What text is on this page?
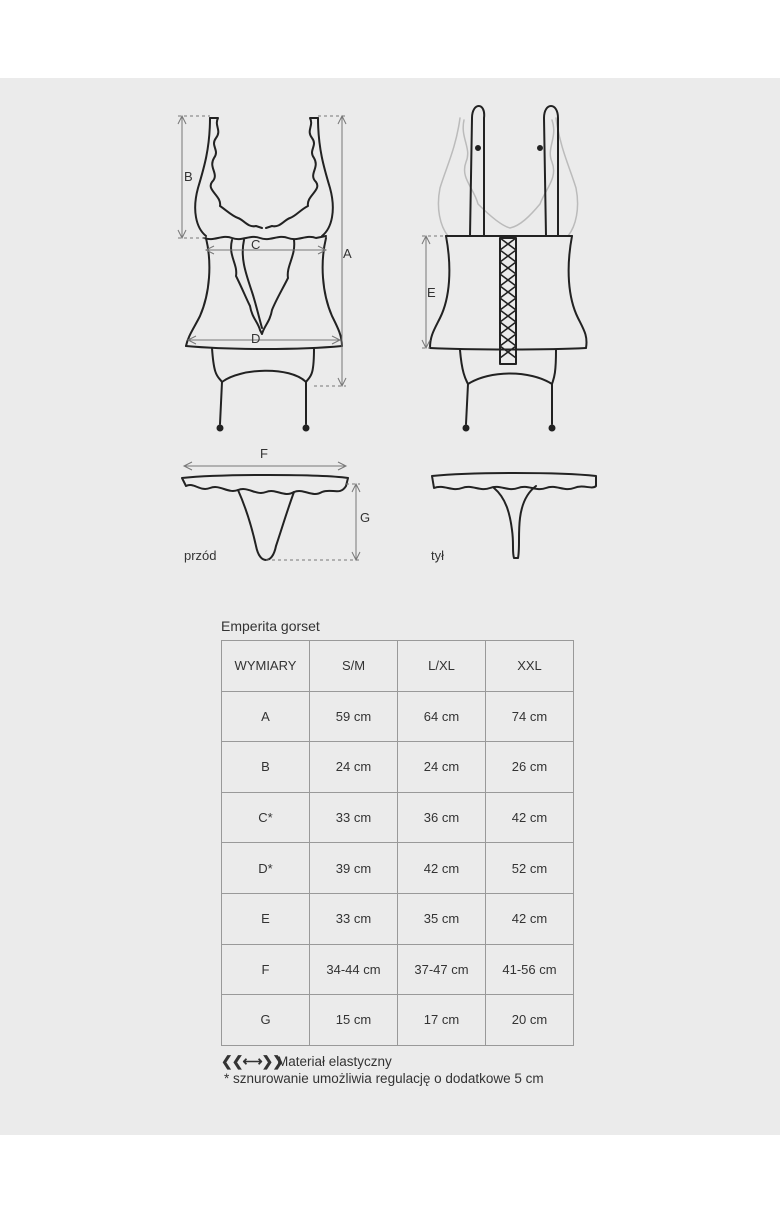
B
A
C
D
E
F
G
przód	tył
Emperita gorset
WYMIARY	S/M	L/XL	XXL
A	59 cm	64 cm	74 cm
B	24 cm	24 cm	26 cm
C*	33 cm	36 cm	42 cm
D*	39 cm	42 cm	52 cm
E	33 cm	35 cm	42 cm
F	34-44 cm	37-47 cm	41-56 cm
G	15 cm	17 cm	20 cm
❮❮⟷❯❯
Materiał elastyczny
* sznurowanie umożliwia regulację o dodatkowe 5 cm
